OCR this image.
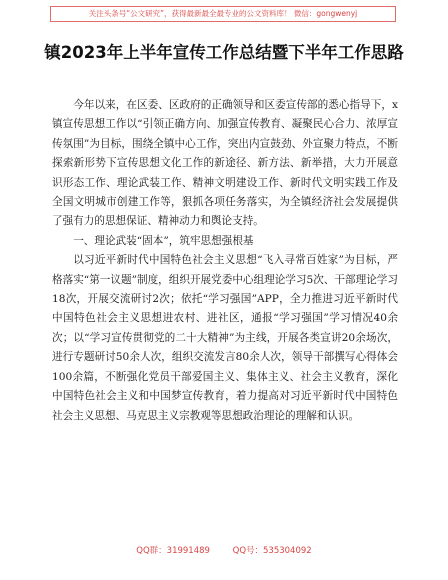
关注头条号“公文研究”，获得最新最全最专业的公文资料库！ 微信：gongwenyj
镇2023年上半年宣传工作总结暨下半年工作思路

今年以来，在区委、区政府的正确领导和区委宣传部的悉心指导下，x镇宣传思想工作以“引领正确方向、加强宣传教育、凝聚民心合力、浓厚宣传氛围”为目标，围绕全镇中心工作，突出内宣鼓劲、外宣聚力特点，不断探索新形势下宣传思想文化工作的新途径、新方法、新举措，大力开展意识形态工作、理论武装工作、精神文明建设工作、新时代文明实践工作及全国文明城市创建工作等，狠抓各项任务落实，为全镇经济社会发展提供了强有力的思想保证、精神动力和舆论支持。

一、理论武装“固本”，筑牢思想强根基

以习近平新时代中国特色社会主义思想“飞入寻常百姓家”为目标，严格落实“第一议题”制度，组织开展党委中心组理论学习5次、干部理论学习18次，开展交流研讨2次；依托“学习强国”APP，全力推进习近平新时代中国特色社会主义思想进农村、进社区，通报“学习强国”学习情况40余次；以“学习宣传贯彻党的二十大精神”为主线，开展各类宣讲20余场次，进行专题研讨50余人次，组织交流发言80余人次，领导干部撰写心得体会100余篇，不断强化党员干部爱国主义、集体主义、社会主义教育，深化中国特色社会主义和中国梦宣传教育，着力提高对习近平新时代中国特色社会主义思想、马克思主义宗教观等思想政治理论的理解和认识。

QQ群：31991489	QQ号：535304092
